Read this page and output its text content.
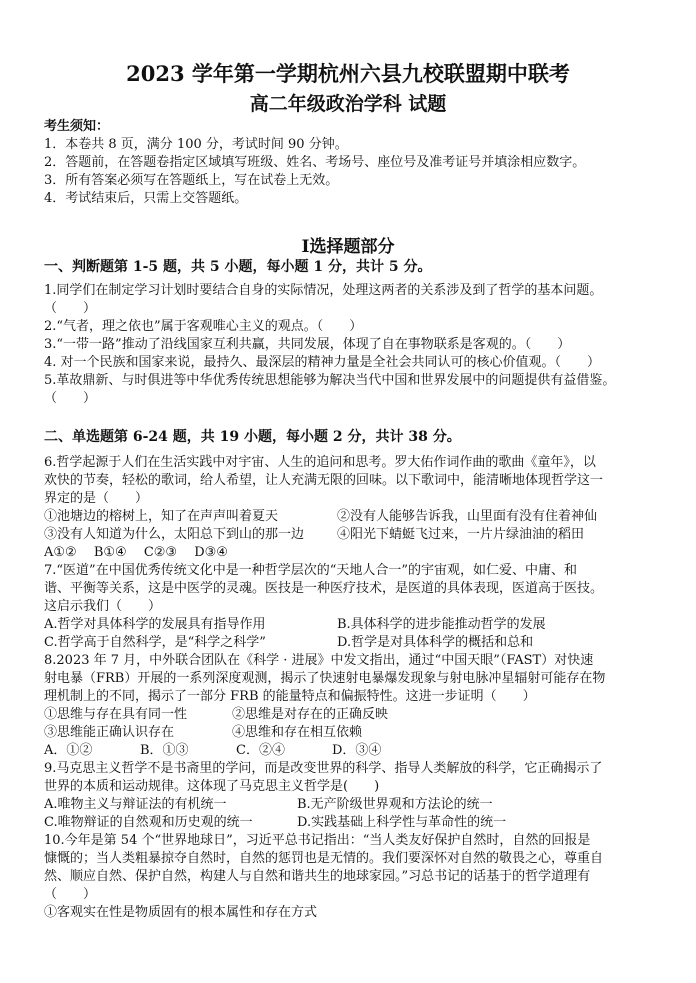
2023 学年第一学期杭州六县九校联盟期中联考
高二年级政治学科 试题
考生须知：
1．本卷共 8 页，满分 100 分，考试时间 90 分钟。
2．答题前，在答题卷指定区域填写班级、姓名、考场号、座位号及准考证号并填涂相应数字。
3．所有答案必须写在答题纸上，写在试卷上无效。
4．考试结束后，只需上交答题纸。
Ⅰ选择题部分
一、判断题第 1-5 题，共 5 小题，每小题 1 分，共计 5 分。
1.同学们在制定学习计划时要结合自身的实际情况，处理这两者的关系涉及到了哲学的基本问题。
（　　）
2.“气者，理之依也”属于客观唯心主义的观点。（　　）
3.“一带一路”推动了沿线国家互利共赢，共同发展，体现了自在事物联系是客观的。（　　）
4. 对一个民族和国家来说，最持久、最深层的精神力量是全社会共同认可的核心价值观。（　　）
5.革故鼎新、与时俱进等中华优秀传统思想能够为解决当代中国和世界发展中的问题提供有益借鉴。
（　　）
二、单选题第 6-24 题，共 19 小题，每小题 2 分，共计 38 分。
6.哲学起源于人们在生活实践中对宇宙、人生的追问和思考。罗大佑作词作曲的歌曲《童年》，以
欢快的节奏，轻松的歌词，给人希望，让人充满无限的回味。以下歌词中，能清晰地体现哲学这一
界定的是（　　）
①池塘边的榕树上，知了在声声叫着夏天	②没有人能够告诉我，山里面有没有住着神仙
③没有人知道为什么，太阳总下到山的那一边	④阳光下蜻蜓飞过来，一片片绿油油的稻田
A①②　 B①④　 C②③　 D③④
7.“医道”在中国优秀传统文化中是一种哲学层次的“天地人合一”的宇宙观，如仁爱、中庸、和
谐、平衡等关系，这是中医学的灵魂。医技是一种医疗技术，是医道的具体表现，医道高于医技。
这启示我们（　　）
A.哲学对具体科学的发展具有指导作用	B.具体科学的进步能推动哲学的发展
C.哲学高于自然科学，是“科学之科学”	D.哲学是对具体科学的概括和总和
8.2023 年 7 月，中外联合团队在《科学 · 进展》中发文指出，通过“中国天眼”（FAST）对快速
射电暴（FRB）开展的一系列深度观测，揭示了快速射电暴爆发现象与射电脉冲星辐射可能存在物
理机制上的不同，揭示了一部分 FRB 的能量特点和偏振特性。这进一步证明（　　）
①思维与存在具有同一性	②思维是对存在的正确反映
③思维能正确认识存在	④思维和存在相互依赖
A．①②	B．①③	C．②④	D．③④
9.马克思主义哲学不是书斋里的学问，而是改变世界的科学、指导人类解放的科学，它正确揭示了
世界的本质和运动规律。这体现了马克思主义哲学是(　　)
A.唯物主义与辩证法的有机统一	B.无产阶级世界观和方法论的统一
C.唯物辩证的自然观和历史观的统一	D.实践基础上科学性与革命性的统一
10.今年是第 54 个“世界地球日”，习近平总书记指出：“当人类友好保护自然时，自然的回报是
慷慨的；当人类粗暴掠夺自然时，自然的惩罚也是无情的。我们要深怀对自然的敬畏之心，尊重自
然、顺应自然、保护自然，构建人与自然和谐共生的地球家园。”习总书记的话基于的哲学道理有
（　　）
①客观实在性是物质固有的根本属性和存在方式
